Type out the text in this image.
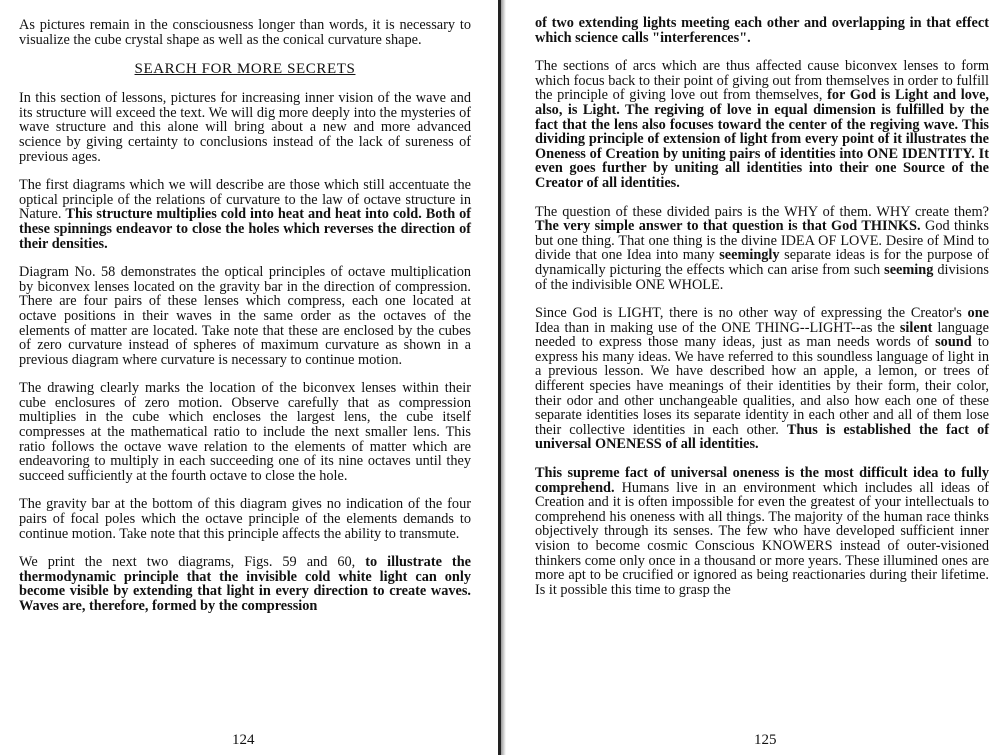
As pictures remain in the consciousness longer than words, it is necessary to visualize the cube crystal shape as well as the conical curvature shape.

SEARCH FOR MORE SECRETS

In this section of lessons, pictures for increasing inner vision of the wave and its structure will exceed the text. We will dig more deeply into the mysteries of wave structure and this alone will bring about a new and more advanced science by giving certainty to conclusions instead of the lack of sureness of previous ages.

The first diagrams which we will describe are those which still accentuate the optical principle of the relations of curvature to the law of octave structure in Nature. This structure multiplies cold into heat and heat into cold. Both of these spinnings endeavor to close the holes which reverses the direction of their densities.

Diagram No. 58 demonstrates the optical principles of octave multiplication by biconvex lenses located on the gravity bar in the direction of compression. There are four pairs of these lenses which compress, each one located at octave positions in their waves in the same order as the octaves of the elements of matter are located. Take note that these are enclosed by the cubes of zero curvature instead of spheres of maximum curvature as shown in a previous diagram where curvature is necessary to continue motion.

The drawing clearly marks the location of the biconvex lenses within their cube enclosures of zero motion. Observe carefully that as compression multiplies in the cube which encloses the largest lens, the cube itself compresses at the mathematical ratio to include the next smaller lens. This ratio follows the octave wave relation to the elements of matter which are endeavoring to multiply in each succeeding one of its nine octaves until they succeed sufficiently at the fourth octave to close the hole.

The gravity bar at the bottom of this diagram gives no indication of the four pairs of focal poles which the octave principle of the elements demands to continue motion. Take note that this principle affects the ability to transmute.

We print the next two diagrams, Figs. 59 and 60, to illustrate the thermodynamic principle that the invisible cold white light can only become visible by extending that light in every direction to create waves. Waves are, therefore, formed by the compression

of two extending lights meeting each other and overlapping in that effect which science calls "interferences".

The sections of arcs which are thus affected cause biconvex lenses to form which focus back to their point of giving out from themselves in order to fulfill the principle of giving love out from themselves, for God is Light and love, also, is Light. The regiving of love in equal dimension is fulfilled by the fact that the lens also focuses toward the center of the regiving wave. This dividing principle of extension of light from every point of it illustrates the Oneness of Creation by uniting pairs of identities into ONE IDENTITY. It even goes further by uniting all identities into their one Source of the Creator of all identities.

The question of these divided pairs is the WHY of them. WHY create them? The very simple answer to that question is that God THINKS. God thinks but one thing. That one thing is the divine IDEA OF LOVE. Desire of Mind to divide that one Idea into many seemingly separate ideas is for the purpose of dynamically picturing the effects which can arise from such seeming divisions of the indivisible ONE WHOLE.

Since God is LIGHT, there is no other way of expressing the Creator's one Idea than in making use of the ONE THING--LIGHT--as the silent language needed to express those many ideas, just as man needs words of sound to express his many ideas. We have referred to this soundless language of light in a previous lesson. We have described how an apple, a lemon, or trees of different species have meanings of their identities by their form, their color, their odor and other unchangeable qualities, and also how each one of these separate identities loses its separate identity in each other and all of them lose their collective identities in each other. Thus is established the fact of universal ONENESS of all identities.

This supreme fact of universal oneness is the most difficult idea to fully comprehend. Humans live in an environment which includes all ideas of Creation and it is often impossible for even the greatest of your intellectuals to comprehend his oneness with all things. The majority of the human race thinks objectively through its senses. The few who have developed sufficient inner vision to become cosmic Conscious KNOWERS instead of outer-visioned thinkers come only once in a thousand or more years. These illumined ones are more apt to be crucified or ignored as being reactionaries during their lifetime. Is it possible this time to grasp the

124	125
